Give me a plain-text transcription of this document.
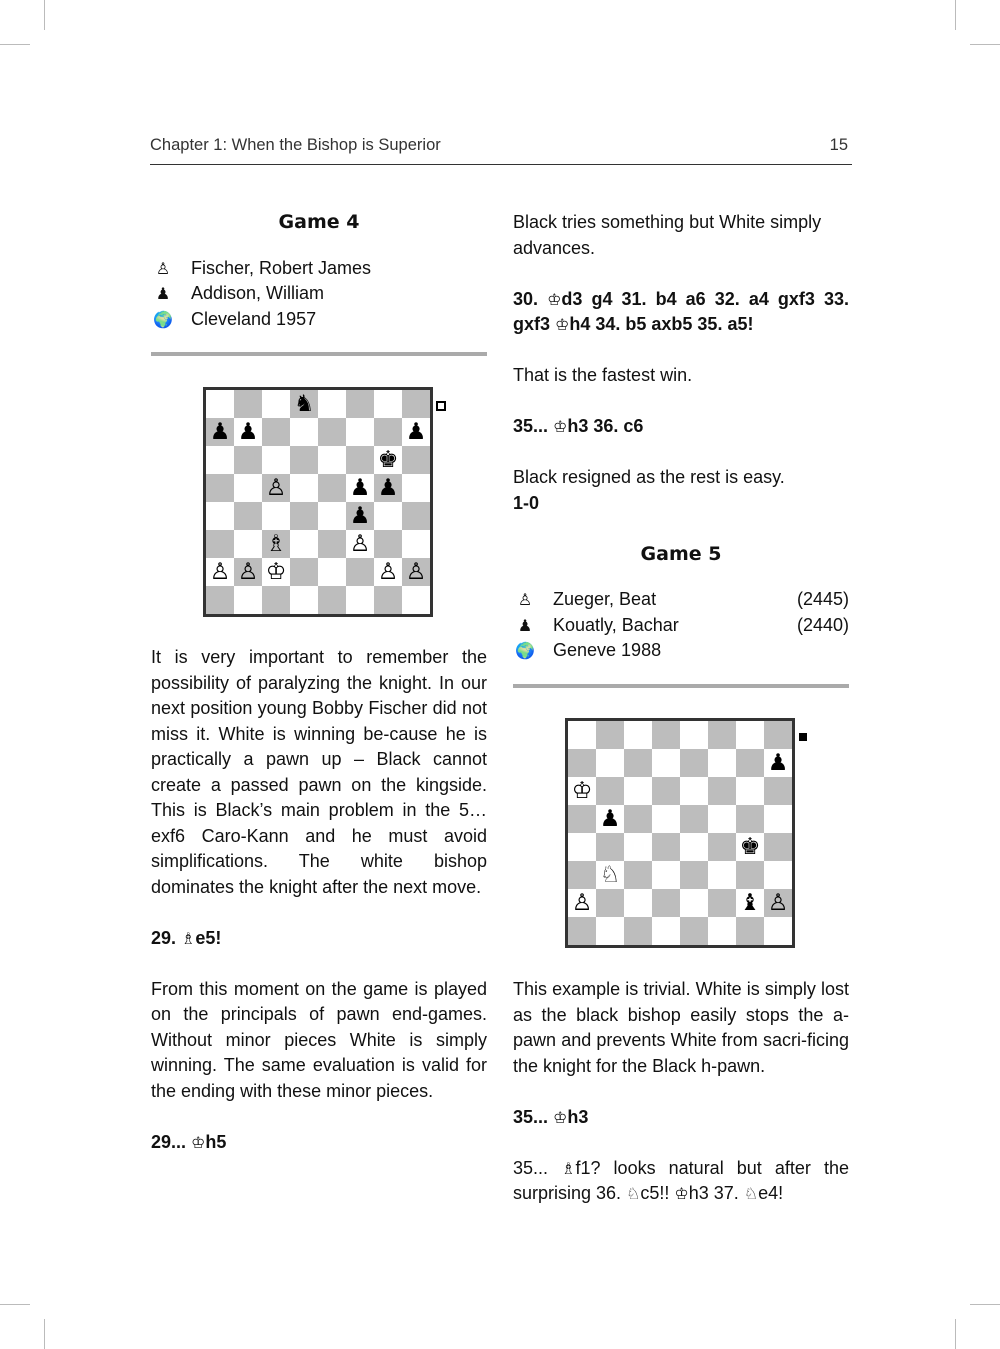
Chapter 1: When the Bishop is Superior	15

Game 4

♙ Fischer, Robert James
♟ Addison, William
🌍 Cleveland 1957
♞
♟ ♟	♟
♚
♙	♟ ♟
♟
♗	♙
♙ ♙ ♔	♙ ♙

It is very important to remember the possibility of paralyzing the knight. In our next position young Bobby Fischer did not miss it. White is winning be-cause he is practically a pawn up – Black cannot create a passed pawn on the kingside. This is Black’s main problem in the 5…exf6 Caro-Kann and he must avoid simplifications. The white bishop dominates the knight after the next move.

29. ♗e5!

From this moment on the game is played on the principals of pawn end-games. Without minor pieces White is simply winning. The same evaluation is valid for the ending with these minor pieces.

29... ♔h5

Black tries something but White simply advances.

30. ♔d3 g4 31. b4 a6 32. a4 gxf3 33. gxf3 ♔h4 34. b5 axb5 35. a5!

That is the fastest win.

35... ♔h3 36. c6

Black resigned as the rest is easy.

1-0

Game 5

♙ Zueger, Beat	(2445)
♟ Kouatly, Bachar	(2440)
🌍 Geneve 1988
♟
♔
♟
♚
♘
♙	♝ ♙

This example is trivial. White is simply lost as the black bishop easily stops the a-pawn and prevents White from sacri-ficing the knight for the Black h-pawn.

35... ♔h3

35... ♗f1? looks natural but after the surprising 36. ♘c5!! ♔h3 37. ♘e4!
